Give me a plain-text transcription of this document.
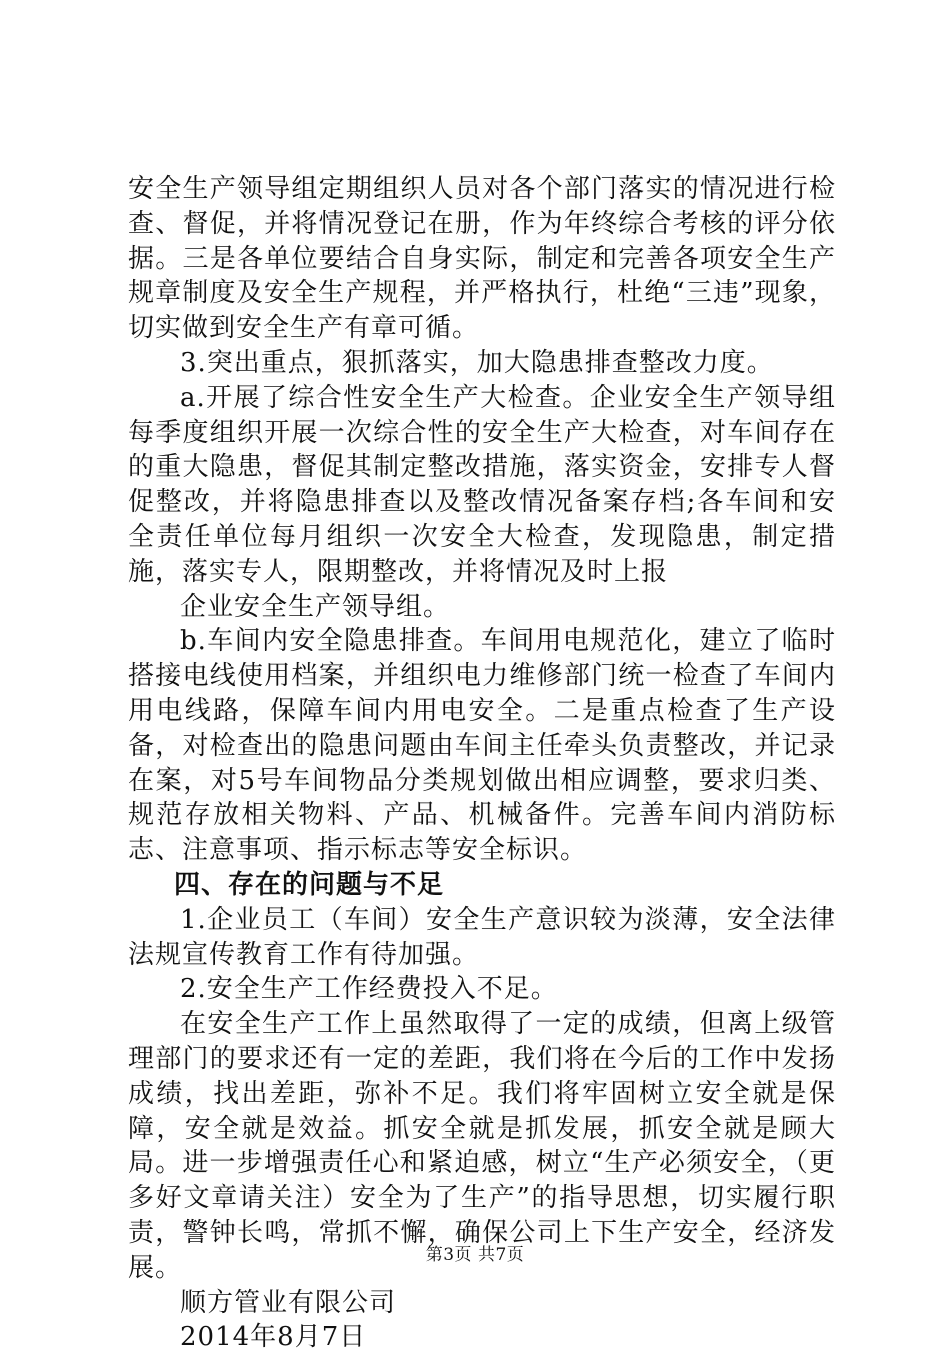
安全生产领导组定期组织人员对各个部门落实的情况进行检查、督促，并将情况登记在册，作为年终综合考核的评分依据。三是各单位要结合自身实际，制定和完善各项安全生产规章制度及安全生产规程，并严格执行，杜绝“三违”现象，切实做到安全生产有章可循。

3.突出重点，狠抓落实，加大隐患排查整改力度。

a.开展了综合性安全生产大检查。企业安全生产领导组每季度组织开展一次综合性的安全生产大检查，对车间存在的重大隐患，督促其制定整改措施，落实资金，安排专人督促整改，并将隐患排查以及整改情况备案存档;各车间和安全责任单位每月组织一次安全大检查，发现隐患，制定措施，落实专人，限期整改，并将情况及时上报

企业安全生产领导组。

b.车间内安全隐患排查。车间用电规范化，建立了临时搭接电线使用档案，并组织电力维修部门统一检查了车间内用电线路，保障车间内用电安全。二是重点检查了生产设备，对检查出的隐患问题由车间主任牵头负责整改，并记录在案，对5号车间物品分类规划做出相应调整，要求归类、规范存放相关物料、产品、机械备件。完善车间内消防标志、注意事项、指示标志等安全标识。

四、存在的问题与不足

1.企业员工（车间）安全生产意识较为淡薄，安全法律法规宣传教育工作有待加强。

2.安全生产工作经费投入不足。

在安全生产工作上虽然取得了一定的成绩，但离上级管理部门的要求还有一定的差距，我们将在今后的工作中发扬成绩，找出差距，弥补不足。我们将牢固树立安全就是保障，安全就是效益。抓安全就是抓发展，抓安全就是顾大局。进一步增强责任心和紧迫感，树立“生产必须安全，（更多好文章请关注）安全为了生产”的指导思想，切实履行职责，警钟长鸣，常抓不懈，确保公司上下生产安全，经济发展。

顺方管业有限公司

2014年8月7日

第3页 共7页
